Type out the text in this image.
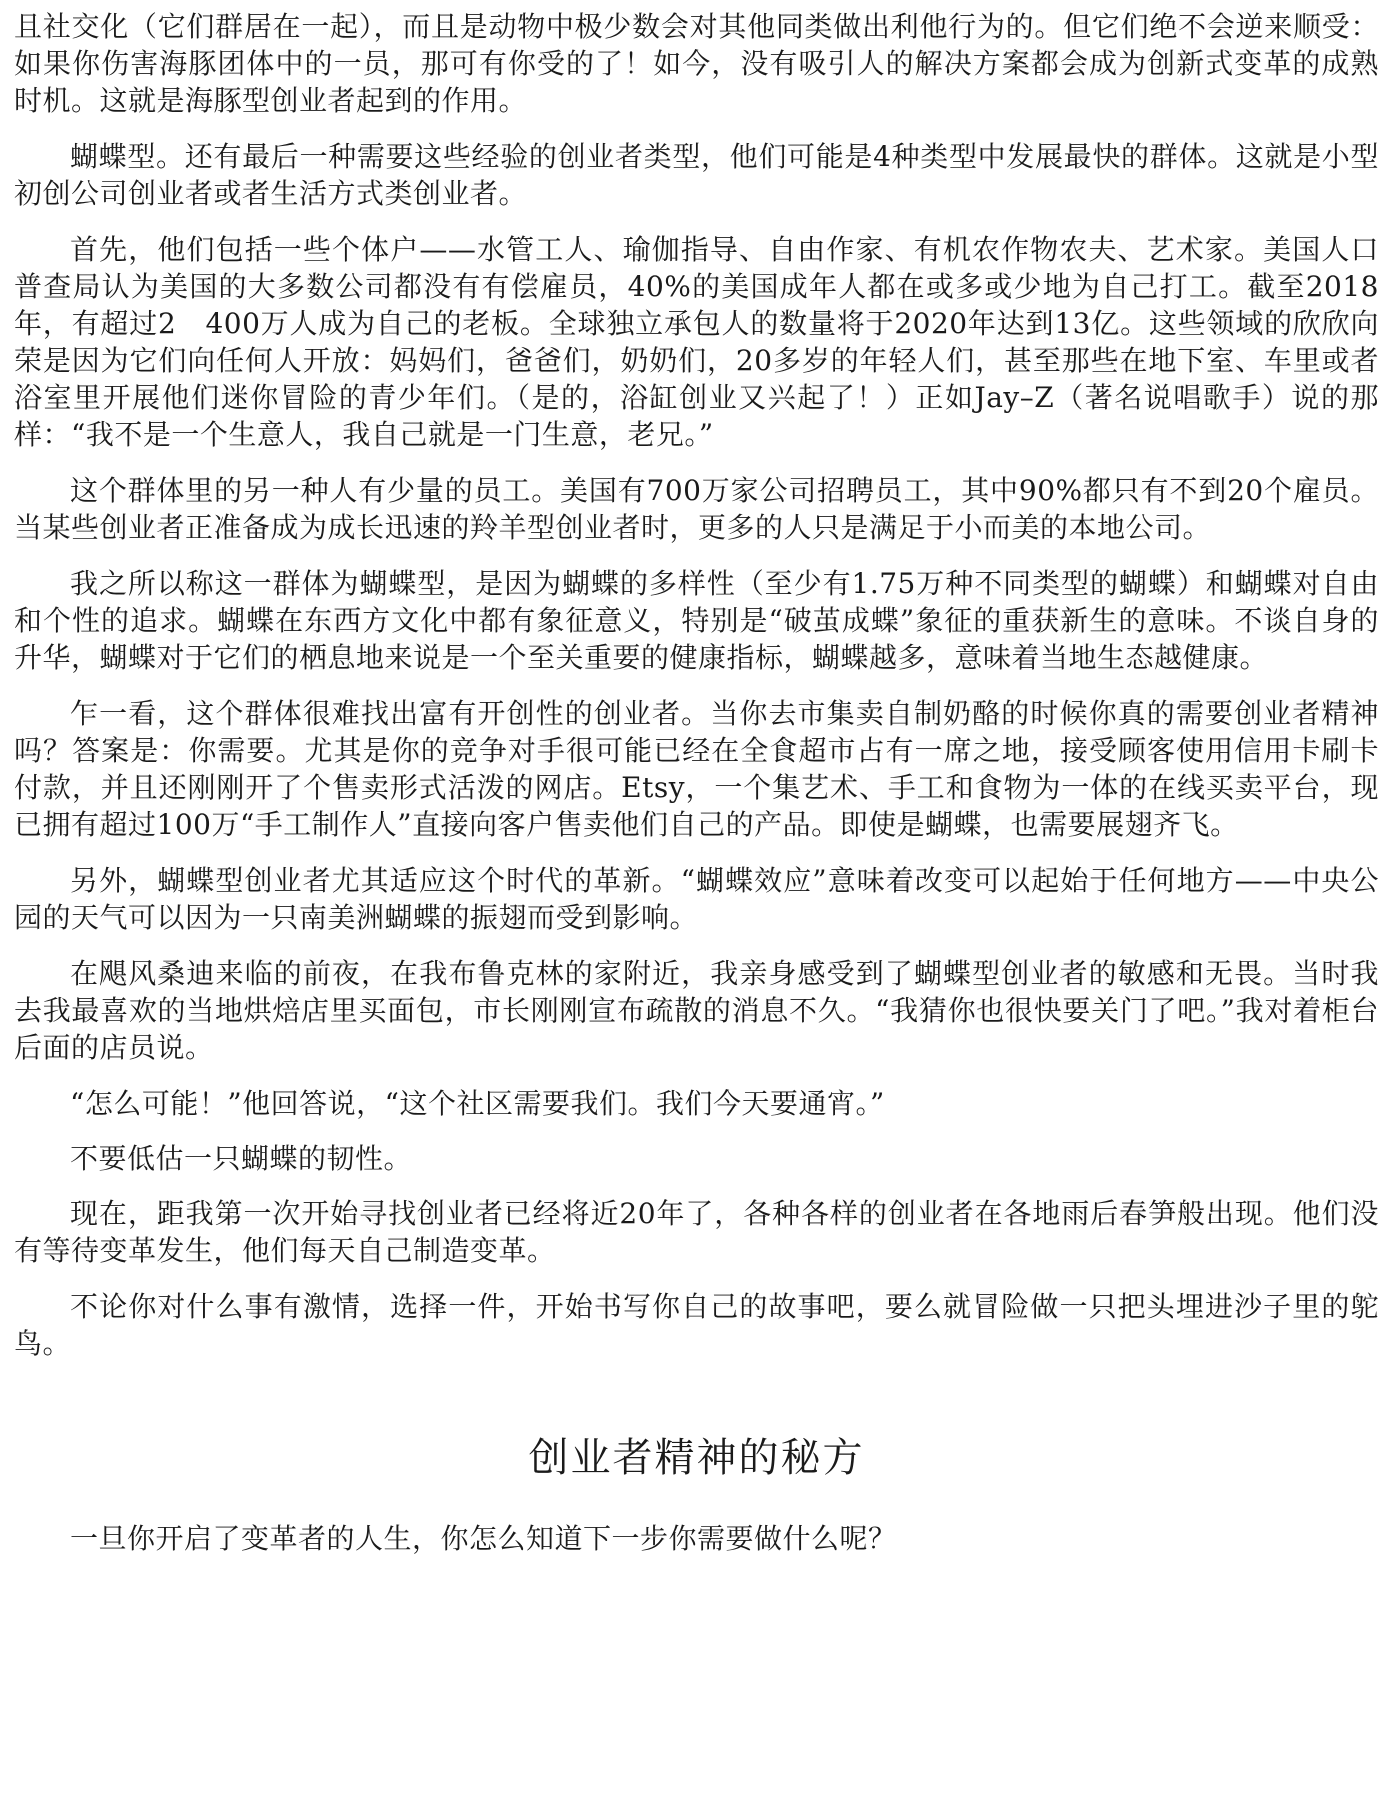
且社交化（它们群居在一起），而且是动物中极少数会对其他同类做出利他行为的。但它们绝不会逆来顺受：如果你伤害海豚团体中的一员，那可有你受的了！如今，没有吸引人的解决方案都会成为创新式变革的成熟时机。这就是海豚型创业者起到的作用。

蝴蝶型。还有最后一种需要这些经验的创业者类型，他们可能是4种类型中发展最快的群体。这就是小型初创公司创业者或者生活方式类创业者。

首先，他们包括一些个体户——水管工人、瑜伽指导、自由作家、有机农作物农夫、艺术家。美国人口普查局认为美国的大多数公司都没有有偿雇员，40%的美国成年人都在或多或少地为自己打工。截至2018年，有超过2　400万人成为自己的老板。全球独立承包人的数量将于2020年达到13亿。这些领域的欣欣向荣是因为它们向任何人开放：妈妈们，爸爸们，奶奶们，20多岁的年轻人们，甚至那些在地下室、车里或者浴室里开展他们迷你冒险的青少年们。（是的，浴缸创业又兴起了！）正如Jay–Z（著名说唱歌手）说的那样：“我不是一个生意人，我自己就是一门生意，老兄。”

这个群体里的另一种人有少量的员工。美国有700万家公司招聘员工，其中90%都只有不到20个雇员。当某些创业者正准备成为成长迅速的羚羊型创业者时，更多的人只是满足于小而美的本地公司。

我之所以称这一群体为蝴蝶型，是因为蝴蝶的多样性（至少有1.75万种不同类型的蝴蝶）和蝴蝶对自由和个性的追求。蝴蝶在东西方文化中都有象征意义，特别是“破茧成蝶”象征的重获新生的意味。不谈自身的升华，蝴蝶对于它们的栖息地来说是一个至关重要的健康指标，蝴蝶越多，意味着当地生态越健康。

乍一看，这个群体很难找出富有开创性的创业者。当你去市集卖自制奶酪的时候你真的需要创业者精神吗？答案是：你需要。尤其是你的竞争对手很可能已经在全食超市占有一席之地，接受顾客使用信用卡刷卡付款，并且还刚刚开了个售卖形式活泼的网店。Etsy，一个集艺术、手工和食物为一体的在线买卖平台，现已拥有超过100万“手工制作人”直接向客户售卖他们自己的产品。即使是蝴蝶，也需要展翅齐飞。

另外，蝴蝶型创业者尤其适应这个时代的革新。“蝴蝶效应”意味着改变可以起始于任何地方——中央公园的天气可以因为一只南美洲蝴蝶的振翅而受到影响。

在飓风桑迪来临的前夜，在我布鲁克林的家附近，我亲身感受到了蝴蝶型创业者的敏感和无畏。当时我去我最喜欢的当地烘焙店里买面包，市长刚刚宣布疏散的消息不久。“我猜你也很快要关门了吧。”我对着柜台后面的店员说。

“怎么可能！”他回答说，“这个社区需要我们。我们今天要通宵。”

不要低估一只蝴蝶的韧性。

现在，距我第一次开始寻找创业者已经将近20年了，各种各样的创业者在各地雨后春笋般出现。他们没有等待变革发生，他们每天自己制造变革。

不论你对什么事有激情，选择一件，开始书写你自己的故事吧，要么就冒险做一只把头埋进沙子里的鸵鸟。

创业者精神的秘方

一旦你开启了变革者的人生，你怎么知道下一步你需要做什么呢？
